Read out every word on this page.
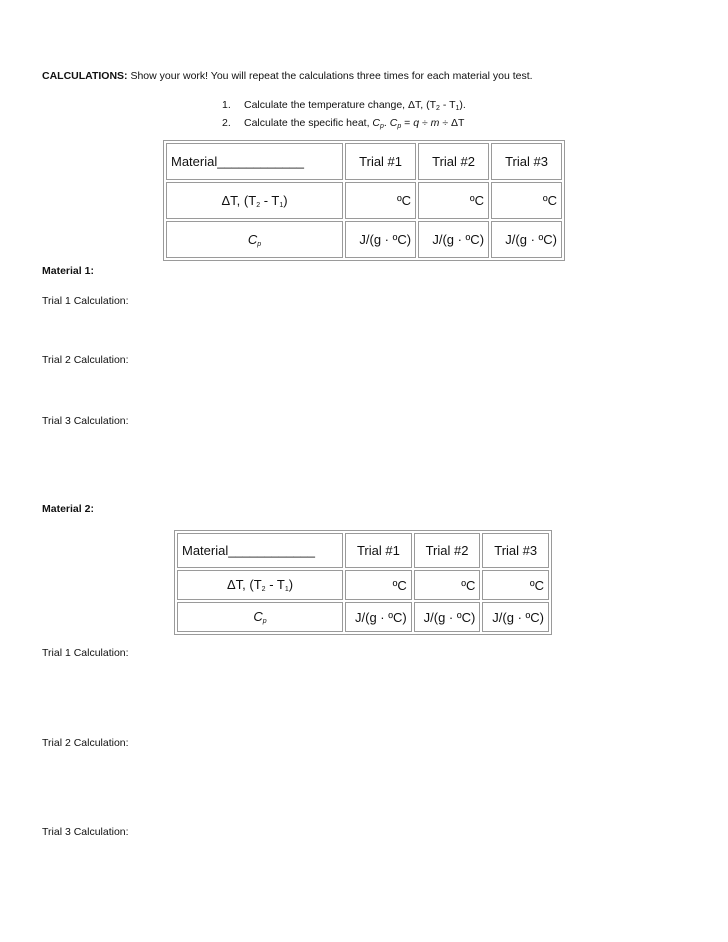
CALCULATIONS: Show your work! You will repeat the calculations three times for each material you test.
1. Calculate the temperature change, ΔT, $(T_2 - T_1)$.
2. Calculate the specific heat, $C_p$. $C_p = q \div m \div \Delta T$
Material____________	Trial #1	Trial #2	Trial #3
ΔT, $(T_2 - T_1)$	ºC	ºC	ºC
$C_p$	J/(g · ºC)	J/(g · ºC)	J/(g · ºC)
Material 1:
Trial 1 Calculation:
Trial 2 Calculation:
Trial 3 Calculation:
Material 2:
Material____________	Trial #1	Trial #2	Trial #3
ΔT, $(T_2 - T_1)$	ºC	ºC	ºC
$C_p$	J/(g · ºC)	J/(g · ºC)	J/(g · ºC)
Trial 1 Calculation:
Trial 2 Calculation:
Trial 3 Calculation:
